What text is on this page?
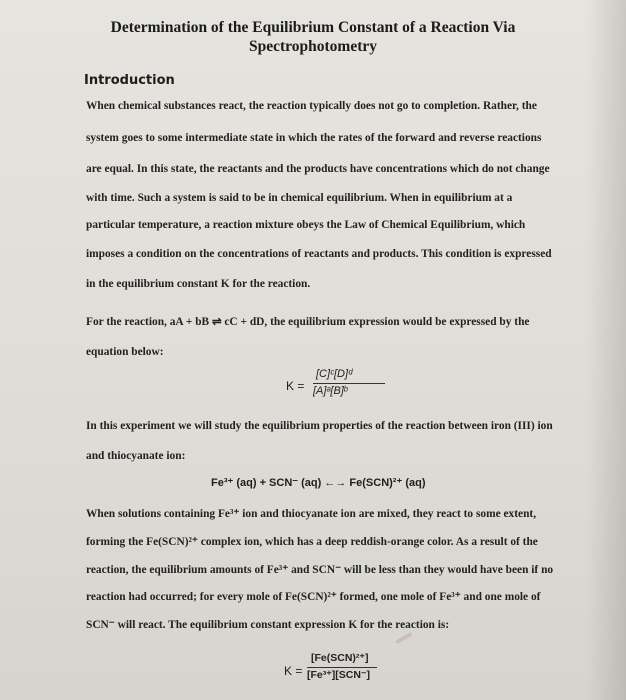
Determination of the Equilibrium Constant of a Reaction Via
Spectrophotometry
Introduction
When chemical substances react, the reaction typically does not go to completion. Rather, the
system goes to some intermediate state in which the rates of the forward and reverse reactions
are equal. In this state, the reactants and the products have concentrations which do not change
with time. Such a system is said to be in chemical equilibrium. When in equilibrium at a
particular temperature, a reaction mixture obeys the Law of Chemical Equilibrium, which
imposes a condition on the concentrations of reactants and products. This condition is expressed
in the equilibrium constant K for the reaction.
For the reaction, aA + bB ⇌ cC + dD, the equilibrium expression would be expressed by the
equation below:
K =
[C]ᶜ[D]ᵈ
[A]ᵃ[B]ᵇ
In this experiment we will study the equilibrium properties of the reaction between iron (III) ion
and thiocyanate ion:
Fe³⁺ (aq) + SCN⁻ (aq) ←→ Fe(SCN)²⁺ (aq)
When solutions containing Fe³⁺ ion and thiocyanate ion are mixed, they react to some extent,
forming the Fe(SCN)²⁺ complex ion, which has a deep reddish-orange color. As a result of the
reaction, the equilibrium amounts of Fe³⁺ and SCN⁻ will be less than they would have been if no
reaction had occurred; for every mole of Fe(SCN)²⁺ formed, one mole of Fe³⁺ and one mole of
SCN⁻ will react. The equilibrium constant expression K for the reaction is:
K =
[Fe(SCN)²⁺]
[Fe³⁺][SCN⁻]
